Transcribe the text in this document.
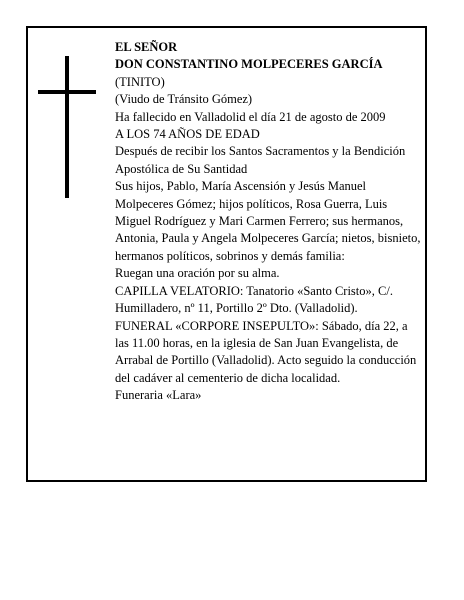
EL SEÑOR

DON CONSTANTINO MOLPECERES GARCÍA

(TINITO)

(Viudo de Tránsito Gómez)

Ha fallecido en Valladolid el día 21 de agosto de 2009

A LOS 74 AÑOS DE EDAD

Después de recibir los Santos Sacramentos y la Bendición Apostólica de Su Santidad

Sus hijos, Pablo, María Ascensión y Jesús Manuel Molpeceres Gómez; hijos políticos, Rosa Guerra, Luis Miguel Rodríguez y Mari Carmen Ferrero; sus hermanos, Antonia, Paula y Angela Molpeceres García; nietos, bisnieto, hermanos políticos, sobrinos y demás familia:

Ruegan una oración por su alma.

CAPILLA VELATORIO: Tanatorio «Santo Cristo», C/. Humilladero, nº 11, Portillo 2º Dto. (Valladolid).

FUNERAL «CORPORE INSEPULTO»: Sábado, día 22, a las 11.00 horas, en la iglesia de San Juan Evangelista, de Arrabal de Portillo (Valladolid). Acto seguido la conducción del cadáver al cementerio de dicha localidad.

Funeraria «Lara»
